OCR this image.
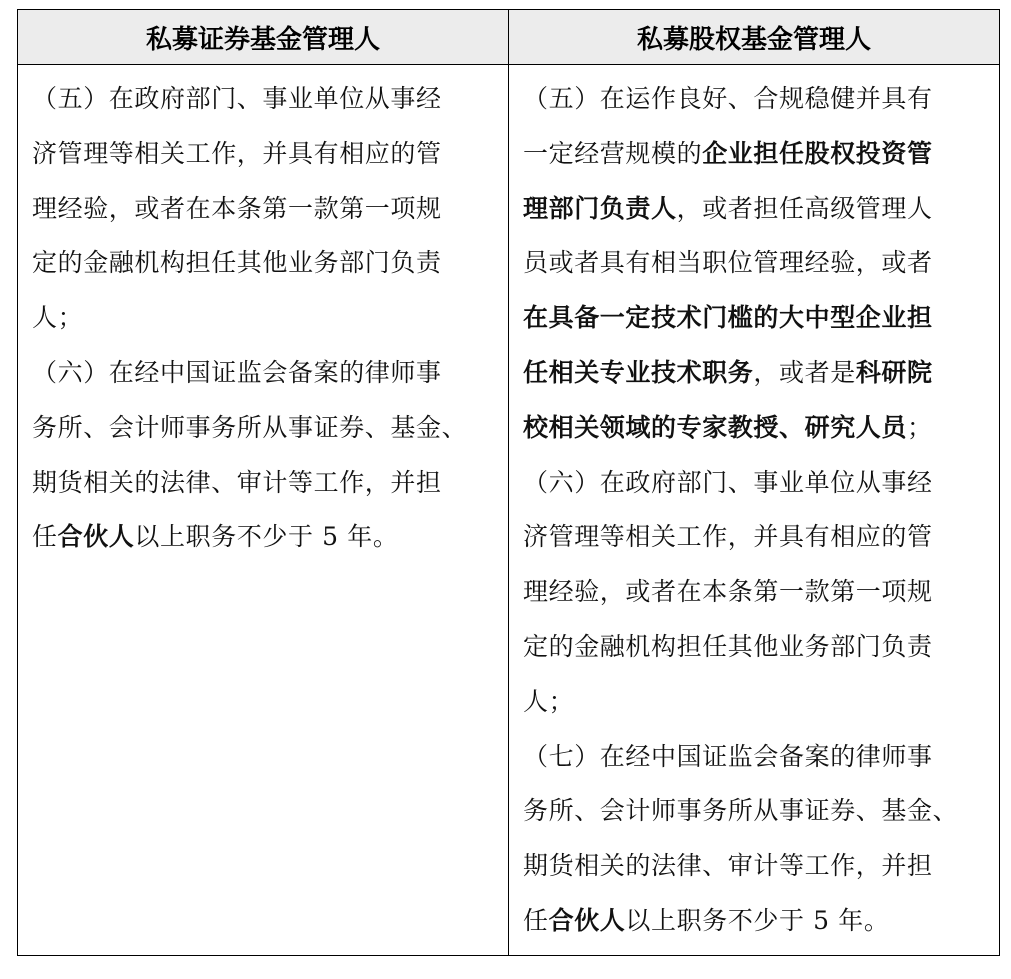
私募证券基金管理人	私募股权基金管理人
（五）在政府部门、事业单位从事经
济管理等相关工作，并具有相应的管
理经验，或者在本条第一款第一项规
定的金融机构担任其他业务部门负责
人；
（六）在经中国证监会备案的律师事
务所、会计师事务所从事证券、基金、
期货相关的法律、审计等工作，并担
任合伙人以上职务不少于 5 年。
（五）在运作良好、合规稳健并具有
一定经营规模的企业担任股权投资管
理部门负责人，或者担任高级管理人
员或者具有相当职位管理经验，或者
在具备一定技术门槛的大中型企业担
任相关专业技术职务，或者是科研院
校相关领域的专家教授、研究人员；
（六）在政府部门、事业单位从事经
济管理等相关工作，并具有相应的管
理经验，或者在本条第一款第一项规
定的金融机构担任其他业务部门负责
人；
（七）在经中国证监会备案的律师事
务所、会计师事务所从事证券、基金、
期货相关的法律、审计等工作，并担
任合伙人以上职务不少于 5 年。
